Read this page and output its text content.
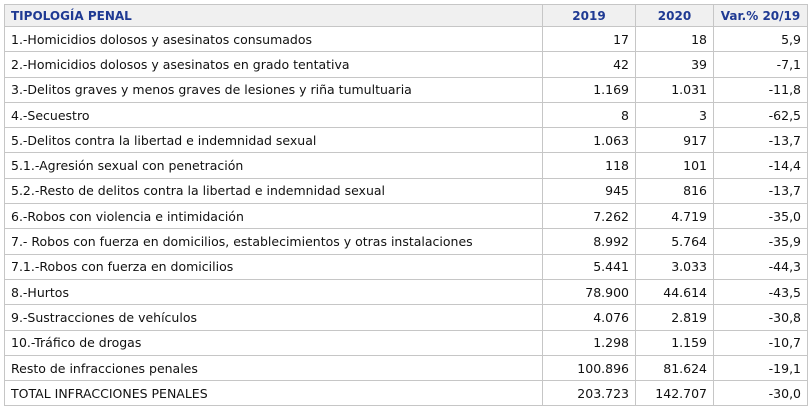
TIPOLOGÍA PENAL	2019	2020	Var.% 20/19
1.-Homicidios dolosos y asesinatos consumados	17	18	5,9
2.-Homicidios dolosos y asesinatos en grado tentativa	42	39	-7,1
3.-Delitos graves y menos graves de lesiones y riña tumultuaria	1.169	1.031	-11,8
4.-Secuestro	8	3	-62,5
5.-Delitos contra la libertad e indemnidad sexual	1.063	917	-13,7
5.1.-Agresión sexual con penetración	118	101	-14,4
5.2.-Resto de delitos contra la libertad e indemnidad sexual	945	816	-13,7
6.-Robos con violencia e intimidación	7.262	4.719	-35,0
7.- Robos con fuerza en domicilios, establecimientos y otras instalaciones	8.992	5.764	-35,9
7.1.-Robos con fuerza en domicilios	5.441	3.033	-44,3
8.-Hurtos	78.900	44.614	-43,5
9.-Sustracciones de vehículos	4.076	2.819	-30,8
10.-Tráfico de drogas	1.298	1.159	-10,7
Resto de infracciones penales	100.896	81.624	-19,1
TOTAL INFRACCIONES PENALES	203.723	142.707	-30,0
